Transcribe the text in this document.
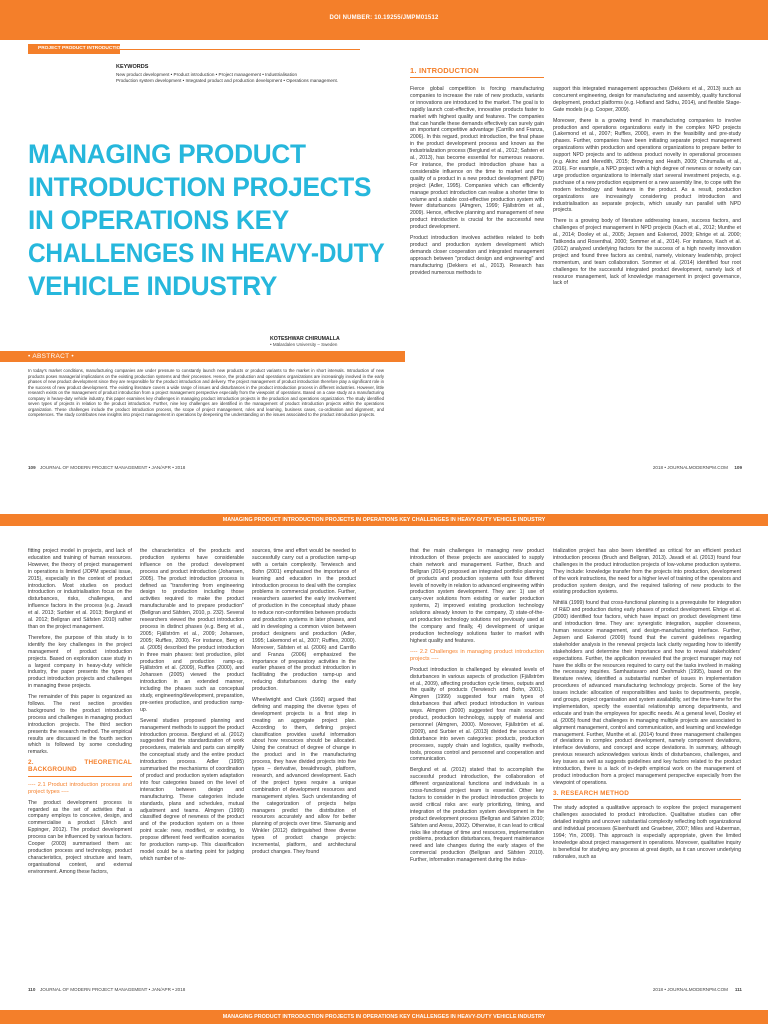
DOI NUMBER: 10.19255/JMPM01512
PROJECT PRODUCT INTRODUCTION
KEYWORDS
New product development • Product introduction • Project management • Industrialisation
Production system development • Integrated product and production development • Operations management.
MANAGING PRODUCT
INTRODUCTION PROJECTS
IN OPERATIONS KEY
CHALLENGES IN HEAVY-DUTY
VEHICLE INDUSTRY
KOTESHWAR CHIRUMALLA
• Mälardalen University – Sweden
• ABSTRACT •
In today's market conditions, manufacturing companies are under pressure to constantly launch new products or product variants to the market in short intervals. Introduction of new products poses managerial implications on the existing production systems and their processes. Hence, the production and operations organizations are increasingly involved in the early phases of new product development since they are responsible for the product introduction and delivery. The project management of product introduction therefore play a significant role in the success of new product development. The existing literature covers a wide range of issues and disturbances in the product introduction process in different industries. However, little research exists on the management of product introduction from a project management perspective especially from the viewpoint of operations. Based on a case study at a manufacturing company in heavy-duty vehicle industry, this paper examines key challenges in managing product introduction projects in the production and operations organization. The study identified seven types of projects in relation to the product introduction. Further, nine key challenges are identified in the management of product introduction projects within the operations organization. These challenges include the product introduction process, the scope of project management, roles and learning, business cases, co-ordination and alignment, and competences. The study contributes new insights into project management in operations by deepening the understanding on the issues associated to the product introduction projects.
1. INTRODUCTION

Fierce global competition is forcing manufacturing companies to increase the rate of new products, variants or innovations are introduced to the market. The goal is to rapidly launch cost-effective, innovative products faster to market with highest quality and features. The companies that can handle these demands effectively can surely gain an important competitive advantage (Carrillo and Franza, 2006). In this regard, product introduction, the final phase in the product development process and known as the industrialization process (Berglund et al., 2012; Safsten et al., 2013), has become essential for numerous reasons. For instance, the product introduction phase has a considerable influence on the time to market and the quality of a product in a new product development (NPD) project (Adler, 1995). Companies which can efficiently manage product introduction can realise a shorter time to volume and a stable cost-effective production system with fewer disturbances (Almgren, 1999; Fjällström et al., 2009). Hence, effective planning and management of new product introduction is crucial for the successful new product development.

Product introduction involves activities related to both product and production system development which demands closer cooperation and integrated management approach between "product design and engineering" and manufacturing (Dekkers et al., 2013). Research has provided numerous methods to

support this integrated management approaches (Dekkers et al., 2013) such as concurrent engineering, design for manufacturing and assembly, quality functional deployment, product platforms (e.g. Hofland and Sidhu, 2014), and flexible Stage-Gate models (e.g. Cooper, 2009).

Moreover, there is a growing trend in manufacturing companies to involve production and operations organizations early in the complex NPD projects (Lakemond et al., 2007; Ruffles, 2000), even in the feasibility and pre-study phases. Further, companies have been initiating separate project management organizations within production and operations organizations to prepare better to support NPD projects and to address product novelty in operational processes (e.g. Akinc and Meredith, 2015; Browning and Heath, 2009; Chirumalla et al., 2016). For example, a NPD project with a high degree of newness or novelty can urge production organizations to internally start several investment projects, e.g. purchase of a new production equipment or a new assembly line, to cope with the modern technology and features in the product. As a result, production organizations are increasingly considering product introduction and industrialisation as separate projects, which usually run parallel with NPD projects.

There is a growing body of literature addressing issues, success factors, and challenges of project management in NPD projects (Kach et al., 2012; Munthe et al., 2014; Dooley et al., 2005; Jepsen and Eskerod, 2009; Ehrige et al. 2000; Tatikonda and Rosenthal, 2000; Sommer et al., 2014). For instance, Kach et al. (2012) analyzed underlying factors for the success of a high novelty innovation project and found three factors as central, namely, visionary leadership, project momentum, and team collaboration. Sommer et al. (2014) identified four root challenges for the successful integrated product development, namely lack of resource management, lack of knowledge management in project governance, lack of

109 JOURNAL OF MODERN PROJECT MANAGEMENT • JAN/APR • 2018	2018 • JOURNALMODERNPM.COM 109
MANAGING PRODUCT INTRODUCTION PROJECTS IN OPERATIONS KEY CHALLENGES IN HEAVY-DUTY VEHICLE INDUSTRY

fitting project model in projects, and lack of education and training of human resources. However, the theory of project management in operations is limited (JOPM special issue, 2015), especially in the context of product introduction. Most studies on product introduction or industrialisation focus on the disturbances, risks, challenges, and influence factors in the process (e.g. Javadi et al. 2013; Surbier et al. 2013; Berglund et al. 2012; Bellgran and Säfsten 2010) rather than on the project management.

Therefore, the purpose of this study is to identify the key challenges in the project management of product introduction projects. Based on exploration case study in a largest company in heavy-duty vehicle industry, the paper presents the types of product introduction projects and challenges in managing these projects.

The remainder of this paper is organized as follows. The next section provides background to the product introduction process and challenges in managing product introduction projects. The third section presents the research method. The empirical results are discussed in the fourth section which is followed by some concluding remarks.

2. THEORETICAL BACKGROUND
---- 2.1 Product introduction process and project types ----

The product development process is regarded as the set of activities that a company employs to conceive, design, and commercialise a product (Ulrich and Eppinger, 2012). The product development process can be influenced by various factors. Cooper (2003) summarised them as: production process and technology, product characteristics, project structure and team, organisational context, and external environment. Among these factors,

the characteristics of the products and production systems have considerable influence on the product development process and product introduction (Johansen, 2005). The product introduction process is defined as "transferring from engineering design to production including those activities required to make the product manufacturable and to prepare production" (Bellgran and Säfsten, 2010, p. 232). Several researchers viewed the product introduction process in distinct phases (e.g. Berg et al., 2005; Fjällström et al., 2009; Johansen, 2005; Ruffles, 2000). For instance, Berg et al. (2005) described the product introduction in three main phases: test production, pilot production and production ramp-up. Fjällström et al. (2009), Ruffles (2000), and Johansen (2005) viewed the product introduction in an extended manner, including the phases such as conceptual study, engineering/development, preparation, pre-series production, and production ramp-up.

Several studies proposed planning and management methods to support the product introduction process. Berglund et al. (2012) suggested that the standardization of work procedures, materials and parts can simplify the conceptual study and the entire product introduction process. Adler (1995) summarised the mechanisms of coordination of product and production system adaptation into four categories based on the level of interaction between design and manufacturing. These categories include standards, plans and schedules, mutual adjustment and teams. Almgren (1999) classified degree of newness of the product and of the production system on a three point scale: new, modified, or existing, to propose different feed verification scenarios for production ramp-up. This classification model could be a starting point for judging which number of re-

sources, time and effort would be needed to successfully carry out a production ramp-up with a certain complexity. Terwiesch and Bohn (2001) emphasized the importance of learning and education in the product introduction process to deal with the complex problems in commercial production. Further, researchers asserted the early involvement of production in the conceptual study phase to reduce non-conformities between products and production systems in later phases, and aid in developing a common vision between product designers and production (Adler, 1995; Lakemond et al., 2007; Ruffles, 2000). Moreover, Säfsten et al. (2006) and Carrillo and Franza (2006) emphasized the importance of preparatory activities in the earlier phases of the product introduction in facilitating the production ramp-up and reducing disturbances during the early production.

Wheelwright and Clark (1992) argued that defining and mapping the diverse types of development projects is a first step in creating an aggregate project plan. According to them, defining project classification provides useful information about how resources should be allocated. Using the construct of degree of change in the product and in the manufacturing process, they have divided projects into five types – derivative, breakthrough, platform, research, and advanced development. Each of the project types require a unique combination of development resources and management styles. Such understanding of the categorization of projects helps managers predict the distribution of resources accurately and allow for better planning of projects over time. Slamanig and Winkler (2012) distinguished three diverse types of product change projects: incremental, platform, and architectural product changes. They found

that the main challenges in managing new product introduction of these projects are associated to supply chain network and management. Further, Bruch and Bellgran (2014) proposed an integrated portfolio planning of products and production systems with four different levels of novelty in relation to advanced engineering within production system development. They are: 1) use of carry-over solutions from existing or earlier production systems, 2) improved existing production technology solutions already known to the company, 3) state-of-the-art production technology solutions not previously used at the company and finally, 4) development of unique production technology solutions faster to market with highest quality and features.

---- 2.2 Challenges in managing product introduction projects ----

Product introduction is challenged by elevated levels of disturbances in various aspects of production (Fjällström et al., 2009), affecting production cycle times, outputs and the quality of products (Terwiesch and Bohn, 2001). Almgren (1999) suggested four main types of disturbances that affect product introduction in various ways. Almgren (2000) suggested four main sources: product, production technology, supply of material and personnel (Almgren, 2000). Moreover, Fjällström et al. (2009), and Surbier et al. (2013) divided the sources of disturbance into seven categories: products, production processes, supply chain and logistics, quality methods, tools, process control and personnel and cooperation and communication.

Berglund et al. (2012) stated that to accomplish the successful product introduction, the collaboration of different organizational functions and individuals in a cross-functional project team is essential. Other key factors to consider in the product introduction projects to avoid critical risks are: early prioritizing, timing, and integration of the production system development in the product development process (Bellgran and Säfsten 2010; Säfsten and Aresu, 2002). Otherwise, it can lead to critical risks like shortage of time and resources, implementation problems, production disturbances, frequent maintenance need and late changes during the early stages of the commercial production (Bellgran and Säfsten 2010). Further, information management during the indus-

trialization project has also been identified as critical for an efficient product introduction process (Bruch and Bellgran, 2013). Javadi et al. (2013) found four challenges in the product introduction projects of low-volume production systems. They include: knowledge transfer from the projects into production, development of the work instructions, the need for a higher level of training of the operators and production system design, and the required tailoring of new products to the existing production systems.

Nihtilä (1999) found that cross-functional planning is a prerequisite for integration of R&D and production during early phases of product development. Ehrige et al. (2000) identified four factors, which have impact on product development time and introduction time. They are: synergistic integration, supplier closeness, human resource management, and design-manufacturing interface. Further, Jepsen and Eskerod (2009) found that the current guidelines regarding stakeholder analysis in the renewal projects lack clarity regarding how to identify stakeholders and determine their importance and how to reveal stakeholders' expectations. Further, the application revealed that the project manager may not have the skills or the resources required to carry out the tasks involved in making the necessary inquiries. Samhastavaro and Deshmukh (1995), based on the literature review, identified a substantial number of issues in implementation procedures of advanced manufacturing technology projects. Some of the key issues include: allocation of responsibilities and tasks to departments, people, and groups, project organisation and system availability, set the time-frame for the implementation, specify the essential relationship among departments, and educate and train the employees for specific needs. At a general level, Dooley et al. (2005) found that challenges in managing multiple projects are associated to alignment management, control and communication, and learning and knowledge management. Further, Munthe et al. (2014) found three management challenges of deviations in complex product development, namely component deviations, interface deviations, and concept and scope deviations. In summary, although previous research acknowledges various kinds of disturbances, challenges, and key issues as well as suggests guidelines and key factors related to the product introduction, there is a lack of in-depth empirical work on the management of product introduction from a project management perspective especially from the viewpoint of operations.

3. RESEARCH METHOD

The study adopted a qualitative approach to explore the project management challenges associated to product introduction. Qualitative studies can offer detailed insights and uncover substantial complexity reflecting both organizational and individual processes (Eisenhardt and Graebner, 2007; Miles and Huberman, 1994; Yin, 2009). This approach is especially appropriate, given the limited knowledge about project management in operations. Moreover, qualitative inquiry is beneficial for studying any process at great depth, as it can uncover underlying rationales, such as

110 JOURNAL OF MODERN PROJECT MANAGEMENT • JAN/APR • 2018	2018 • JOURNALMODERNPM.COM 111
MANAGING PRODUCT INTRODUCTION PROJECTS IN OPERATIONS KEY CHALLENGES IN HEAVY-DUTY VEHICLE INDUSTRY
